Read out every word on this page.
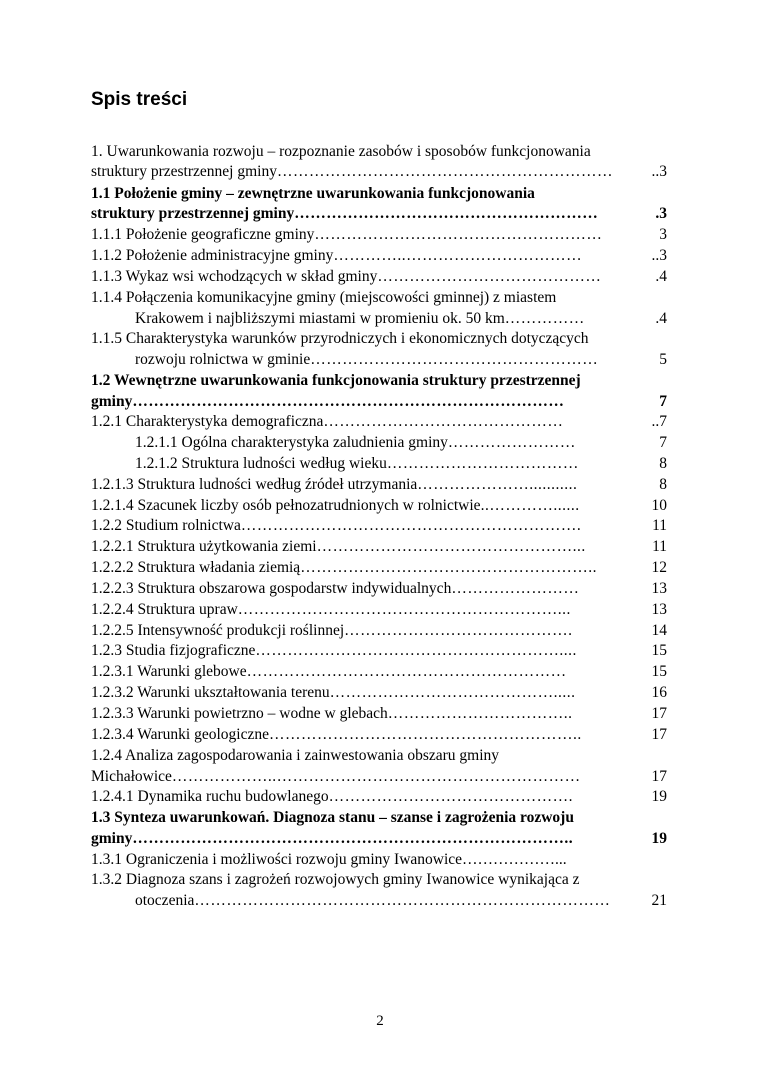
Spis treści
1. Uwarunkowania rozwoju – rozpoznanie zasobów i sposobów funkcjonowania
struktury przestrzennej gminy ………………………………………………………	..3
1.1 Położenie gminy – zewnętrzne uwarunkowania funkcjonowania
struktury przestrzennej gminy …………………………………………………	.3
1.1.1 Położenie geograficzne gminy ………………………………………………	3
1.1.2 Położenie administracyjne gminy …………..……………………………	..3
1.1.3 Wykaz wsi wchodzących w skład gminy ……………………………………	.4
1.1.4 Połączenia komunikacyjne gminy (miejscowości gminnej) z miastem
Krakowem i najbliższymi miastami w promieniu ok. 50 km ……………	.4
1.1.5 Charakterystyka warunków przyrodniczych i ekonomicznych dotyczących
rozwoju rolnictwa w gminie ………………………………………………	5
1.2 Wewnętrzne uwarunkowania funkcjonowania struktury przestrzennej
gminy ………………………………………………………………………	7
1.2.1 Charakterystyka demograficzna ………………………………………	..7
1.2.1.1 Ogólna charakterystyka zaludnienia gminy ……………………	7
1.2.1.2 Struktura ludności według wieku ………………………………	8
1.2.1.3 Struktura ludności według źródeł utrzymania …………………...........	8
1.2.1.4 Szacunek liczby osób pełnozatrudnionych w rolnictwie ..…………......	10
1.2.2 Studium rolnictwa ……………………………………………………….	11
1.2.2.1 Struktura użytkowania ziemi …………………………………………...	11
1.2.2.2 Struktura władania ziemią ………………………………………………..	12
1.2.2.3 Struktura obszarowa gospodarstw indywidualnych ……………………	13
1.2.2.4 Struktura upraw ……………………………………………………...	13
1.2.2.5 Intensywność produkcji roślinnej …………………………………….	14
1.2.3 Studia fizjograficzne …………………………………………………....	15
1.2.3.1 Warunki glebowe ……………………………………………………	15
1.2.3.2 Warunki ukształtowania terenu …………………………………….....	16
1.2.3.3 Warunki powietrzno – wodne w glebach ……………………………..	17
1.2.3.4 Warunki geologiczne …………………………………………………..	17
1.2.4 Analiza zagospodarowania i zainwestowania obszaru gminy
Michałowice ………………..…………………………………………………	17
1.2.4.1 Dynamika ruchu budowlanego ……………………………………….	19
1.3 Synteza uwarunkowań. Diagnoza stanu – szanse i zagrożenia rozwoju
gminy ………………………………………………………………………..	19
1.3.1 Ograniczenia i możliwości rozwoju gminy Iwanowice………………...
1.3.2 Diagnoza szans i zagrożeń rozwojowych gminy Iwanowice wynikająca z
otoczenia ……………………………………………………………………	21
2
